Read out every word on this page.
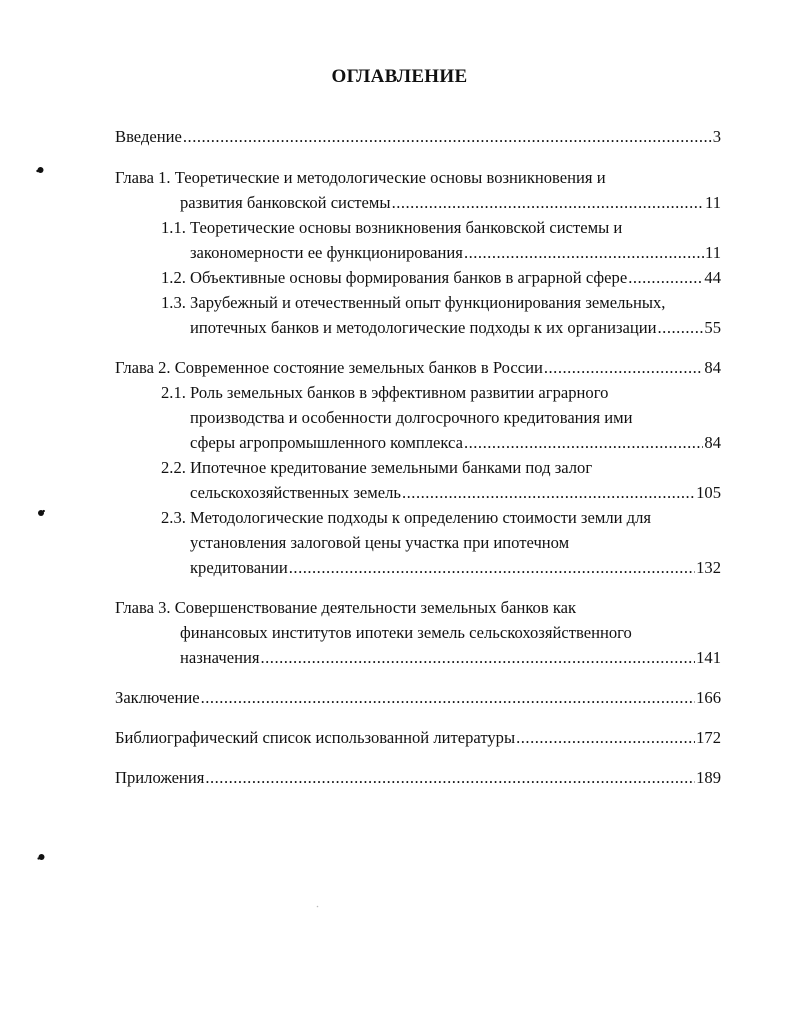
ОГЛАВЛЕНИЕ
Введение .....	3
Глава 1. Теоретические и методологические основы возникновения и
развития банковской системы .....	11
1.1. Теоретические основы возникновения банковской системы и
закономерности ее функционирования .....	11
1.2. Объективные основы формирования банков в аграрной сфере .....	44
1.3. Зарубежный и отечественный опыт функционирования земельных,
ипотечных банков и методологические подходы к их организации .....	55
Глава 2. Современное состояние земельных банков в России .....	84
2.1. Роль земельных банков в эффективном развитии аграрного
производства и особенности долгосрочного кредитования ими
сферы агропромышленного комплекса .....	84
2.2. Ипотечное кредитование земельными банками под залог
сельскохозяйственных земель .....	105
2.3. Методологические подходы к определению стоимости земли для
установления залоговой цены участка при ипотечном
кредитовании .....	132
Глава 3. Совершенствование деятельности земельных банков как
финансовых институтов ипотеки земель сельскохозяйственного
назначения .....	141
Заключение .....	166
Библиографический список использованной литературы .....	172
Приложения .....	189
